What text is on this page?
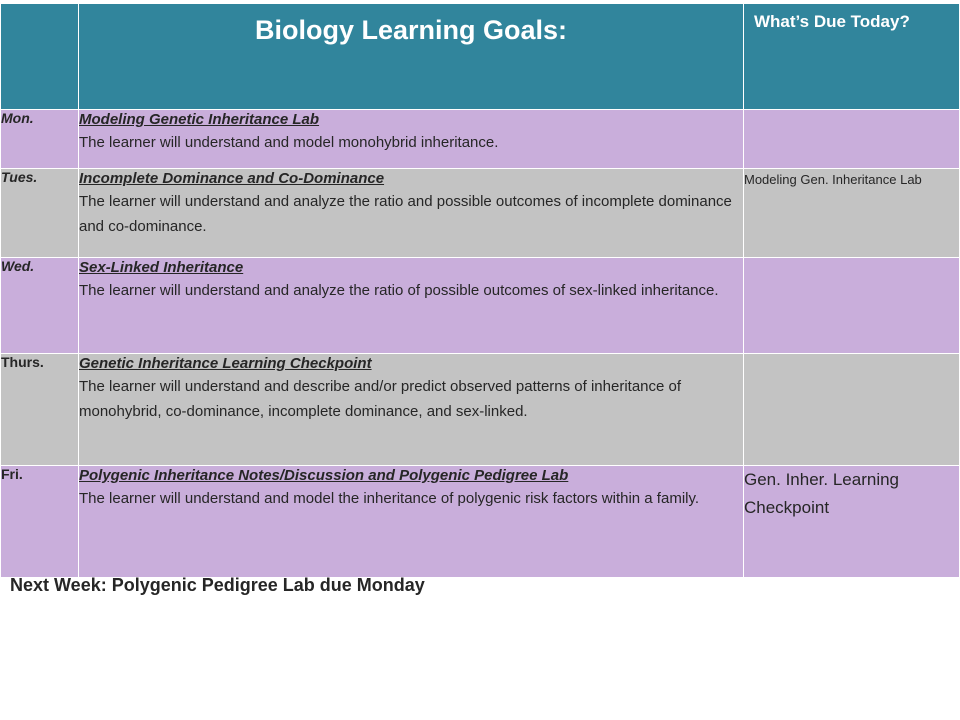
	Biology Learning Goals:	What’s Due Today?
Mon.	Modeling Genetic Inheritance Lab
The learner will understand and model monohybrid inheritance.	

Tues.	Incomplete Dominance and Co-Dominance
The learner will understand and analyze the ratio and possible outcomes of incomplete dominance and co-dominance.	Modeling Gen. Inheritance Lab
Wed.	Sex-Linked Inheritance
The learner will understand and analyze the ratio of possible outcomes of sex-linked inheritance.	

Thurs.	Genetic Inheritance Learning Checkpoint
The learner will understand and describe and/or predict observed patterns of inheritance of monohybrid, co-dominance, incomplete dominance, and sex-linked.	

Fri.	Polygenic Inheritance Notes/Discussion and Polygenic Pedigree Lab
The learner will understand and model the inheritance of polygenic risk factors within a family.	Gen. Inher. Learning Checkpoint
Next Week: Polygenic Pedigree Lab due Monday
